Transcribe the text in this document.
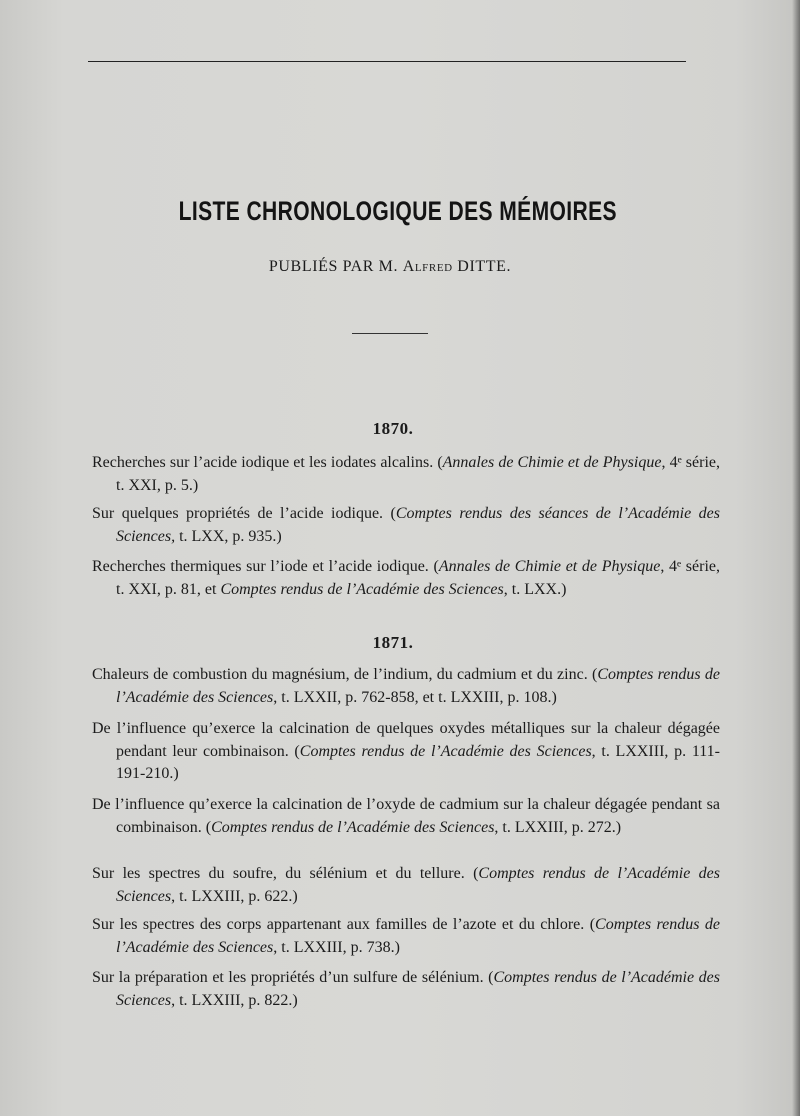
LISTE CHRONOLOGIQUE DES MÉMOIRES
PUBLIÉS PAR M. Alfred DITTE.
1870.
Recherches sur l’acide iodique et les iodates alcalins. (Annales de Chimie et de Physique, 4ᵉ série, t. XXI, p. 5.)
Sur quelques propriétés de l’acide iodique. (Comptes rendus des séances de l’Académie des Sciences, t. LXX, p. 935.)
Recherches thermiques sur l’iode et l’acide iodique. (Annales de Chimie et de Physique, 4ᵉ série, t. XXI, p. 81, et Comptes rendus de l’Académie des Sciences, t. LXX.)
1871.
Chaleurs de combustion du magnésium, de l’indium, du cadmium et du zinc. (Comptes rendus de l’Académie des Sciences, t. LXXII, p. 762-858, et t. LXXIII, p. 108.)
De l’influence qu’exerce la calcination de quelques oxydes métalliques sur la chaleur dégagée pendant leur combinaison. (Comptes rendus de l’Académie des Sciences, t. LXXIII, p. 111-191-210.)
De l’influence qu’exerce la calcination de l’oxyde de cadmium sur la chaleur dégagée pendant sa combinaison. (Comptes rendus de l’Académie des Sciences, t. LXXIII, p. 272.)
Sur les spectres du soufre, du sélénium et du tellure. (Comptes rendus de l’Académie des Sciences, t. LXXIII, p. 622.)
Sur les spectres des corps appartenant aux familles de l’azote et du chlore. (Comptes rendus de l’Académie des Sciences, t. LXXIII, p. 738.)
Sur la préparation et les propriétés d’un sulfure de sélénium. (Comptes rendus de l’Académie des Sciences, t. LXXIII, p. 822.)
